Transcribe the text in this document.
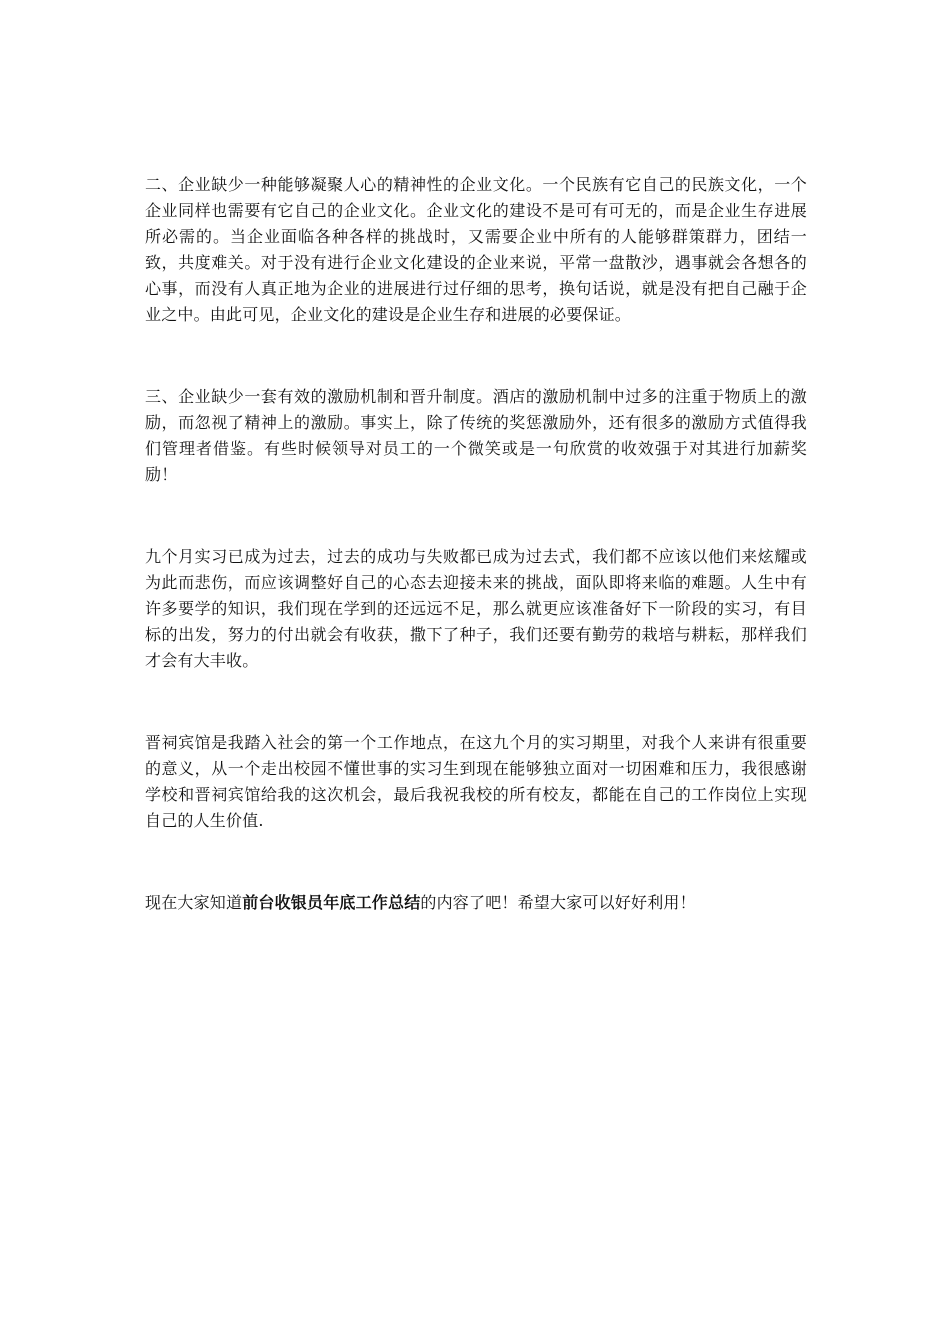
二、企业缺少一种能够凝聚人心的精神性的企业文化。一个民族有它自己的民族文化，一个企业同样也需要有它自己的企业文化。企业文化的建设不是可有可无的，而是企业生存进展所必需的。当企业面临各种各样的挑战时，又需要企业中所有的人能够群策群力，团结一致，共度难关。对于没有进行企业文化建设的企业来说，平常一盘散沙，遇事就会各想各的心事，而没有人真正地为企业的进展进行过仔细的思考，换句话说，就是没有把自己融于企业之中。由此可见，企业文化的建设是企业生存和进展的必要保证。

三、企业缺少一套有效的激励机制和晋升制度。酒店的激励机制中过多的注重于物质上的激励，而忽视了精神上的激励。事实上，除了传统的奖惩激励外，还有很多的激励方式值得我们管理者借鉴。有些时候领导对员工的一个微笑或是一句欣赏的收效强于对其进行加薪奖励！

九个月实习已成为过去，过去的成功与失败都已成为过去式，我们都不应该以他们来炫耀或为此而悲伤，而应该调整好自己的心态去迎接未来的挑战，面队即将来临的难题。人生中有许多要学的知识，我们现在学到的还远远不足，那么就更应该准备好下一阶段的实习，有目标的出发，努力的付出就会有收获，撒下了种子，我们还要有勤劳的栽培与耕耘，那样我们才会有大丰收。

晋祠宾馆是我踏入社会的第一个工作地点，在这九个月的实习期里，对我个人来讲有很重要的意义，从一个走出校园不懂世事的实习生到现在能够独立面对一切困难和压力，我很感谢学校和晋祠宾馆给我的这次机会，最后我祝我校的所有校友，都能在自己的工作岗位上实现自己的人生价值.

现在大家知道前台收银员年底工作总结的内容了吧！希望大家可以好好利用！
